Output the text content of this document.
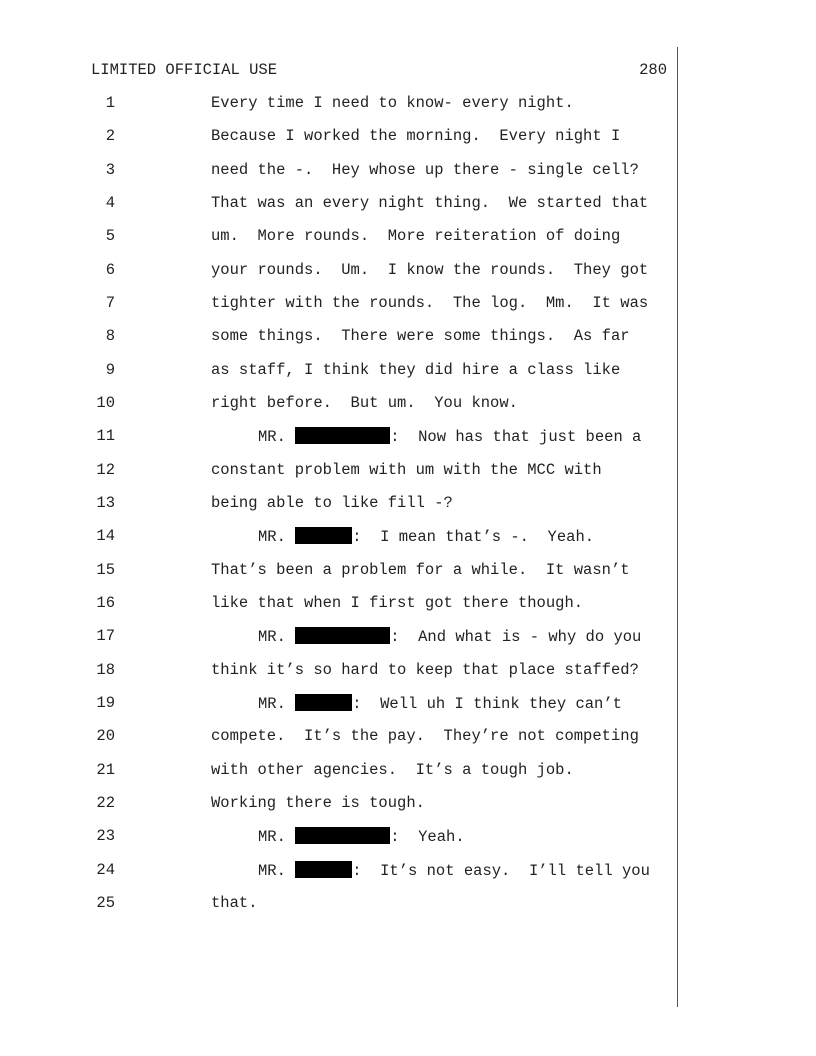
LIMITED OFFICIAL USE	280
1	Every time I need to know- every night.
2	Because I worked the morning.  Every night I
3	need the -.  Hey whose up there - single cell?
4	That was an every night thing.  We started that
5	um.  More rounds.  More reiteration of doing
6	your rounds.  Um.  I know the rounds.  They got
7	tighter with the rounds.  The log.  Mm.  It was
8	some things.  There were some things.  As far
9	as staff, I think they did hire a class like
10	right before.  But um.  You know.
11	MR.	:  Now has that just been a
12	constant problem with um with the MCC with
13	being able to like fill -?
14	MR.	:  I mean that’s -.  Yeah.
15	That’s been a problem for a while.  It wasn’t
16	like that when I first got there though.
17	MR.	:  And what is - why do you
18	think it’s so hard to keep that place staffed?
19	MR.	:  Well uh I think they can’t
20	compete.  It’s the pay.  They’re not competing
21	with other agencies.  It’s a tough job.
22	Working there is tough.
23	MR.	:  Yeah.
24	MR.	:  It’s not easy.  I’ll tell you
25	that.
